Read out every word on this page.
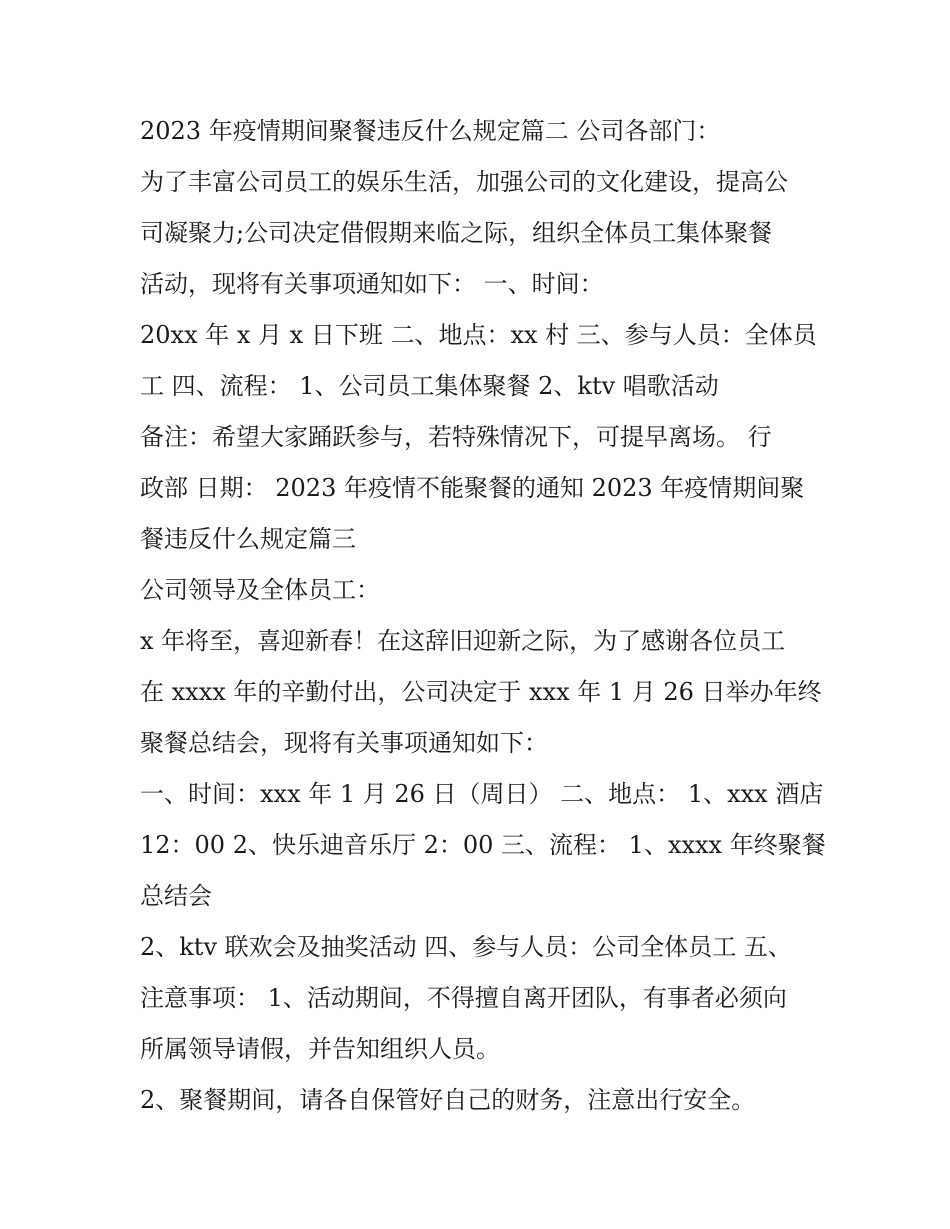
2023 年疫情期间聚餐违反什么规定篇二 公司各部门：
为了丰富公司员工的娱乐生活，加强公司的文化建设，提高公
司凝聚力;公司决定借假期来临之际，组织全体员工集体聚餐
活动，现将有关事项通知如下： 一、时间：
20xx 年 x 月 x 日下班 二、地点：xx 村 三、参与人员：全体员
工 四、流程： 1、公司员工集体聚餐 2、ktv 唱歌活动
备注：希望大家踊跃参与，若特殊情况下，可提早离场。 行
政部 日期： 2023 年疫情不能聚餐的通知 2023 年疫情期间聚
餐违反什么规定篇三
公司领导及全体员工：
x 年将至，喜迎新春！在这辞旧迎新之际，为了感谢各位员工
在 xxxx 年的辛勤付出，公司决定于 xxx 年 1 月 26 日举办年终
聚餐总结会，现将有关事项通知如下：
一、时间：xxx 年 1 月 26 日（周日） 二、地点： 1、xxx 酒店
12：00 2、快乐迪音乐厅 2：00 三、流程： 1、xxxx 年终聚餐
总结会
2、ktv 联欢会及抽奖活动 四、参与人员：公司全体员工 五、
注意事项： 1、活动期间，不得擅自离开团队，有事者必须向
所属领导请假，并告知组织人员。
2、聚餐期间，请各自保管好自己的财务，注意出行安全。
